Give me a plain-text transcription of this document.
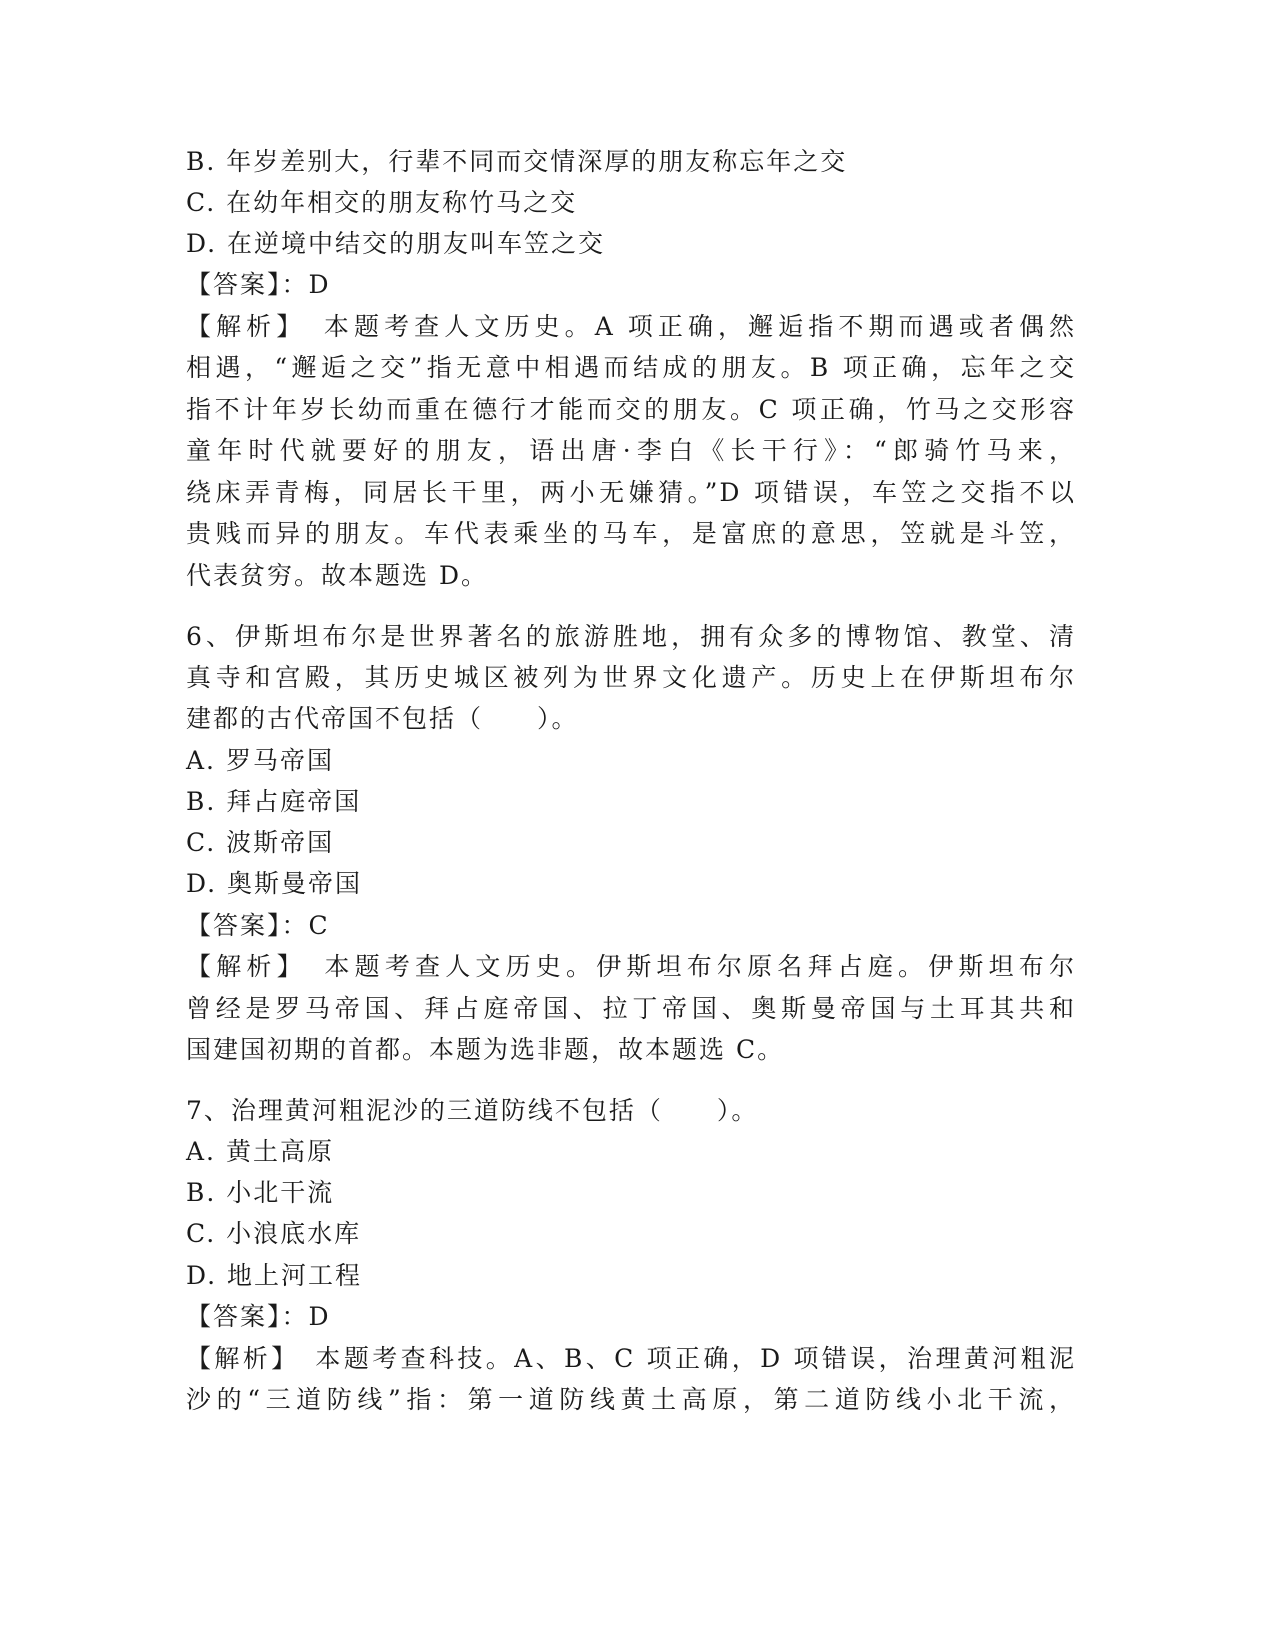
B. 年岁差别大，行辈不同而交情深厚的朋友称忘年之交
C. 在幼年相交的朋友称竹马之交
D. 在逆境中结交的朋友叫车笠之交
【答案】：D
【解析】　本题考查人文历史。A 项正确，邂逅指不期而遇或者偶然
相遇，“邂逅之交”指无意中相遇而结成的朋友。B 项正确，忘年之交
指不计年岁长幼而重在德行才能而交的朋友。C 项正确，竹马之交形容
童年时代就要好的朋友，语出唐·李白《长干行》：“郎骑竹马来，
绕床弄青梅，同居长干里，两小无嫌猜。”D 项错误，车笠之交指不以
贵贱而异的朋友。车代表乘坐的马车，是富庶的意思，笠就是斗笠，
代表贫穷。故本题选 D。
6、伊斯坦布尔是世界著名的旅游胜地，拥有众多的博物馆、教堂、清
真寺和宫殿，其历史城区被列为世界文化遗产。历史上在伊斯坦布尔
建都的古代帝国不包括（　　）。
A. 罗马帝国
B. 拜占庭帝国
C. 波斯帝国
D. 奥斯曼帝国
【答案】：C
【解析】　本题考查人文历史。伊斯坦布尔原名拜占庭。伊斯坦布尔
曾经是罗马帝国、拜占庭帝国、拉丁帝国、奥斯曼帝国与土耳其共和
国建国初期的首都。本题为选非题，故本题选 C。
7、治理黄河粗泥沙的三道防线不包括（　　）。
A. 黄土高原
B. 小北干流
C. 小浪底水库
D. 地上河工程
【答案】：D
【解析】　本题考查科技。A、B、C 项正确，D 项错误，治理黄河粗泥
沙的“三道防线”指：第一道防线黄土高原，第二道防线小北干流，
